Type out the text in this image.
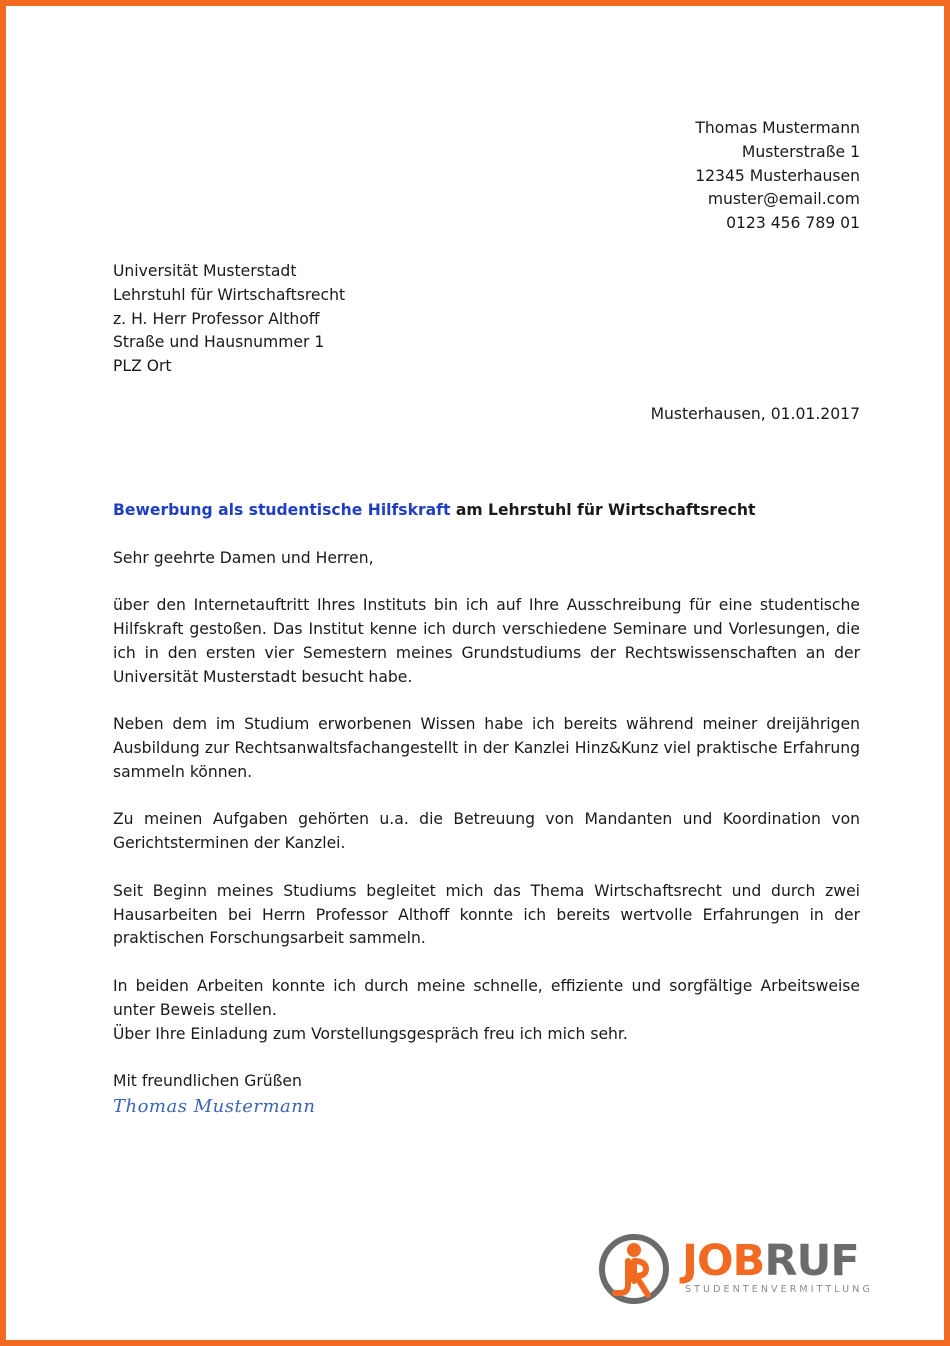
Thomas Mustermann
Musterstraße 1
12345 Musterhausen
muster@email.com
0123 456 789 01
Universität Musterstadt
Lehrstuhl für Wirtschaftsrecht
z. H. Herr Professor Althoff
Straße und Hausnummer 1
PLZ Ort
Musterhausen, 01.01.2017
Bewerbung als studentische Hilfskraft am Lehrstuhl für Wirtschaftsrecht
Sehr geehrte Damen und Herren,
über den Internetauftritt Ihres Instituts bin ich auf Ihre Ausschreibung für eine studentische Hilfskraft gestoßen. Das Institut kenne ich durch verschiedene Seminare und Vorlesungen, die ich in den ersten vier Semestern meines Grundstudiums der Rechtswissenschaften an der Universität Musterstadt besucht habe.
Neben dem im Studium erworbenen Wissen habe ich bereits während meiner dreijährigen Ausbildung zur Rechtsanwaltsfachangestellt in der Kanzlei Hinz&Kunz viel praktische Erfahrung sammeln können.
Zu meinen Aufgaben gehörten u.a. die Betreuung von Mandanten und Koordination von Gerichtsterminen der Kanzlei.
Seit Beginn meines Studiums begleitet mich das Thema Wirtschaftsrecht und durch zwei Hausarbeiten bei Herrn Professor Althoff konnte ich bereits wertvolle Erfahrungen in der praktischen Forschungsarbeit sammeln.
In beiden Arbeiten konnte ich durch meine schnelle, effiziente und sorgfältige Arbeitsweise unter Beweis stellen.
Über Ihre Einladung zum Vorstellungsgespräch freu ich mich sehr.
Mit freundlichen Grüßen
Thomas Mustermann
JOBRUF
STUDENTENVERMITTLUNG
